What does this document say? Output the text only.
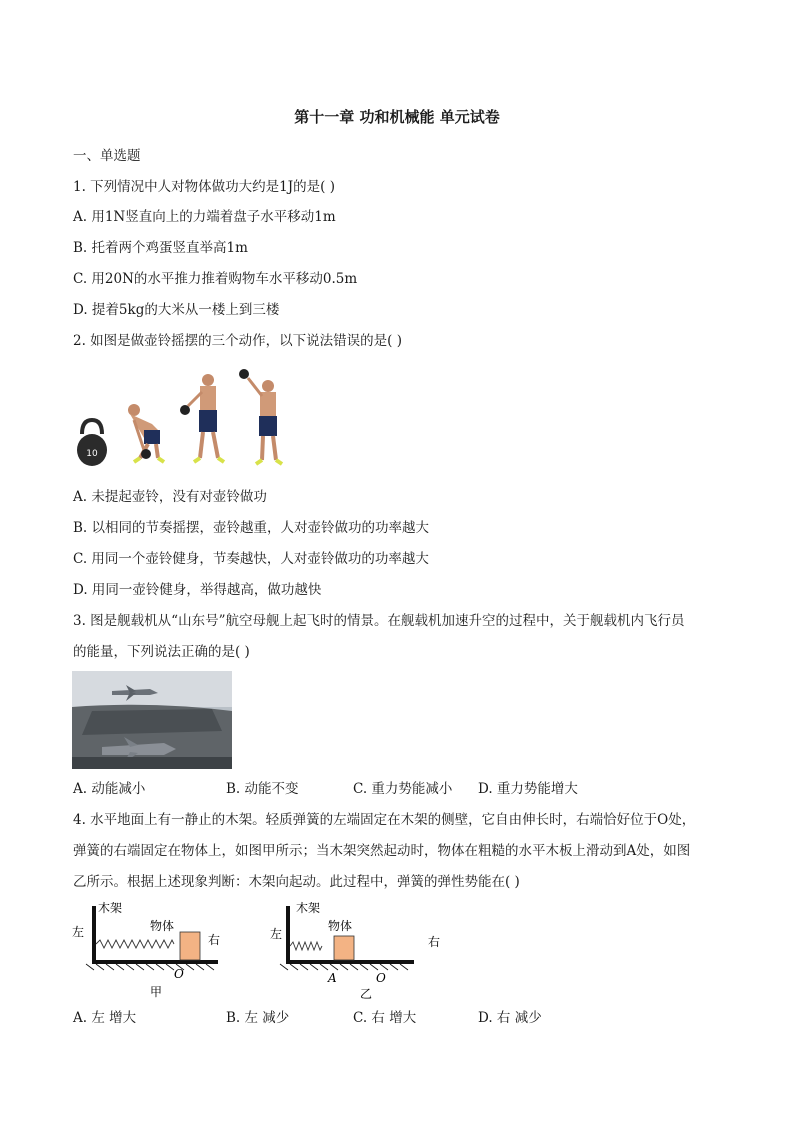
第十一章 功和机械能 单元试卷
一、单选题
1. 下列情况中人对物体做功大约是1J的是( )
A. 用1N竖直向上的力端着盘子水平移动1m
B. 托着两个鸡蛋竖直举高1m
C. 用20N的水平推力推着购物车水平移动0.5m
D. 提着5kg的大米从一楼上到三楼
2. 如图是做壶铃摇摆的三个动作，以下说法错误的是( )
10
A. 未提起壶铃，没有对壶铃做功
B. 以相同的节奏摇摆，壶铃越重，人对壶铃做功的功率越大
C. 用同一个壶铃健身，节奏越快，人对壶铃做功的功率越大
D. 用同一壶铃健身，举得越高，做功越快
3. 图是舰载机从“山东号”航空母舰上起飞时的情景。在舰载机加速升空的过程中，关于舰载机内飞行员
的能量，下列说法正确的是( )
A. 动能减小	B. 动能不变	C. 重力势能减小 D. 重力势能增大
4. 水平地面上有一静止的木架。轻质弹簧的左端固定在木架的侧壁，它自由伸长时，右端恰好位于O处，
弹簧的右端固定在物体上，如图甲所示；当木架突然起动时，物体在粗糙的水平木板上滑动到A处，如图
乙所示。根据上述现象判断：木架向起动。此过程中，弹簧的弹性势能在( )
木架
物体
左
右
O
甲
木架
物体
左
右
A	O
乙
A. 左 增大	B. 左 减少	C. 右 增大	D. 右 减少
